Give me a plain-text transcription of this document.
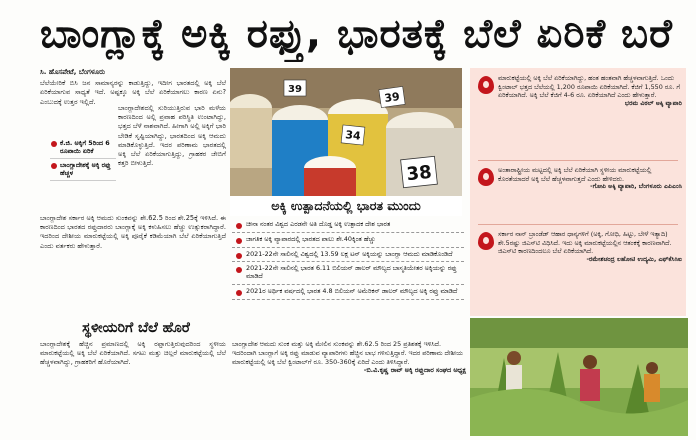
ಬಾಂಗ್ಲಾಕ್ಕೆ ಅಕ್ಕಿ ರಫ್ತು, ಭಾರತಕ್ಕೆ ಬೆಲೆ ಏರಿಕೆ ಬರೆ
ಸಿ. ಹೊಸಪೇಟೆ, ಬೆಂಗಳೂರು

ಬೆಲೆಯೇರಿಕೆ ಬಿಸಿ ಜನ ಸಾಮಾನ್ಯರನ್ನು ಕಾಡುತ್ತಿದ್ದು, ಇದೀಗ ಭಾರತದಲ್ಲಿ ಅಕ್ಕಿ ಬೆಲೆ ಏರಿಕೆಯಾಗುವ ಸಾಧ್ಯತೆ ಇದೆ. ಅಷ್ಟಕ್ಕೂ ಅಕ್ಕಿ ಬೆಲೆ ಏರಿಕೆಯಾಗಲು ಕಾರಣ ಏನು? ಎಂಬುದಕ್ಕೆ ಉತ್ತರ ಇಲ್ಲಿದೆ.

ಕೆ.ಜಿ. ಅಕ್ಕಿಗೆ 5ರಿಂದ 6 ರೂಪಾಯಿ ಏರಿಕೆ
ಬಾಂಗ್ಲಾದೇಶಕ್ಕೆ ಅಕ್ಕಿ ರಫ್ತು ಹೆಚ್ಚಳ

ಬಾಂಗ್ಲಾದೇಶದಲ್ಲಿ ಸುರಿಯುತ್ತಿರುವ ಭಾರಿ ಮಳೆಯ ಕಾರಣದಿಂದ ಅಲ್ಲಿ ಪ್ರವಾಹ ಪರಿಸ್ಥಿತಿ ಉಂಟಾಗಿದ್ದು, ಭತ್ತದ ಬೆಳೆ ನಾಶವಾಗಿದೆ. ಹೀಗಾಗಿ ಅಲ್ಲಿ ಅಕ್ಕಿಗೆ ಭಾರಿ ಬೇಡಿಕೆ ಸೃಷ್ಟಿಯಾಗಿದ್ದು, ಭಾರತದಿಂದ ಅಕ್ಕಿ ಆಮದು ಮಾಡಿಕೊಳ್ಳುತ್ತಿದೆ. ಇದರ ಪರಿಣಾಮ ಭಾರತದಲ್ಲಿ ಅಕ್ಕಿ ಬೆಲೆ ಏರಿಕೆಯಾಗುತ್ತಿದ್ದು, ಗ್ರಾಹಕರ ಜೇಬಿಗೆ ಕತ್ತರಿ ಬೀಳುತ್ತಿದೆ.

ಬಾಂಗ್ಲಾದೇಶ ಸರ್ಕಾರ ಅಕ್ಕಿ ಆಮದು ಸುಂಕವನ್ನು ಶೇ.62.5 ರಿಂದ ಶೇ.25ಕ್ಕೆ ಇಳಿಸಿದೆ. ಈ ಕಾರಣದಿಂದ ಭಾರತದ ರಫ್ತುದಾರರು ಬಾಂಗ್ಲಾಕ್ಕೆ ಅಕ್ಕಿ ಕಳುಹಿಸಲು ಹೆಚ್ಚು ಉತ್ಸುಕರಾಗಿದ್ದಾರೆ. ಇದರಿಂದ ದೇಶೀಯ ಮಾರುಕಟ್ಟೆಯಲ್ಲಿ ಅಕ್ಕಿ ಪೂರೈಕೆ ಕಡಿಮೆಯಾಗಿ ಬೆಲೆ ಏರಿಕೆಯಾಗುತ್ತಿದೆ ಎಂದು ವರ್ತಕರು ಹೇಳುತ್ತಾರೆ.

ಸ್ಥಳೀಯರಿಗೆ ಬೆಲೆ ಹೊರೆ

ಬಾಂಗ್ಲಾದೇಶಕ್ಕೆ ಹೆಚ್ಚಿನ ಪ್ರಮಾಣದಲ್ಲಿ ಅಕ್ಕಿ ರಫ್ತಾಗುತ್ತಿರುವುದರಿಂದ ಸ್ಥಳೀಯ ಮಾರುಕಟ್ಟೆಯಲ್ಲಿ ಅಕ್ಕಿ ಬೆಲೆ ಏರಿಕೆಯಾಗಿದೆ. ಸಗಟು ಮತ್ತು ಚಿಲ್ಲರೆ ಮಾರುಕಟ್ಟೆಯಲ್ಲಿ ಬೆಲೆ ಹೆಚ್ಚಳವಾಗಿದ್ದು, ಗ್ರಾಹಕರಿಗೆ ಹೊರೆಯಾಗಿದೆ.

39
34
38
39
ಅಕ್ಕಿ ಉತ್ಪಾದನೆಯಲ್ಲಿ ಭಾರತ ಮುಂದು
ಚೀನಾ ನಂತರ ವಿಶ್ವದ ಎರಡನೇ ಅತಿ ದೊಡ್ಡ ಅಕ್ಕಿ ಉತ್ಪಾದಕ ದೇಶ ಭಾರತ
ಜಾಗತಿಕ ಅಕ್ಕಿ ವ್ಯಾಪಾರದಲ್ಲಿ ಭಾರತದ ಪಾಲು ಶೇ.40ಕ್ಕಿಂತ ಹೆಚ್ಚು
2021-22ನೇ ಸಾಲಿನಲ್ಲಿ ವಿಶ್ವದಲ್ಲಿ 13.59 ಲಕ್ಷ ಟನ್ ಅಕ್ಕಿಯನ್ನು ಬಾಂಗ್ಲಾ ಆಮದು ಮಾಡಿಕೊಂಡಿದೆ
2021-22ನೇ ಸಾಲಿನಲ್ಲಿ ಭಾರತ 6.11 ಬಿಲಿಯನ್ ಡಾಲರ್ ಮೌಲ್ಯದ ಬಾಸ್ಮತಿಯೇತರ ಅಕ್ಕಿಯನ್ನು ರಫ್ತು ಮಾಡಿದೆ
2021ರ ಅರ್ಥಿಕ ವರ್ಷದಲ್ಲಿ ಭಾರತ 4.8 ಬಿಲಿಯನ್ ಅಮೆರಿಕನ್ ಡಾಲರ್ ಮೌಲ್ಯದ ಅಕ್ಕಿ ರಫ್ತು ಮಾಡಿದೆ

ಬಾಂಗ್ಲಾದೇಶ ಆಮದು ಸುಂಕ ಮತ್ತು ಅಕ್ಕಿ ಮೇಲಿನ ಸುಂಕವನ್ನು ಶೇ.62.5 ರಿಂದ 25 ಪ್ರತಿಶತಕ್ಕೆ ಇಳಿಸಿದೆ. ಇದರಿಂದಾಗಿ ಬಾಂಗ್ಲಾಗೆ ಅಕ್ಕಿ ರಫ್ತು ಮಾಡುವ ವ್ಯಾಪಾರಿಗಳು ಹೆಚ್ಚಿನ ಲಾಭ ಗಳಿಸುತ್ತಿದ್ದಾರೆ. ಇದರ ಪರಿಣಾಮ ದೇಶೀಯ ಮಾರುಕಟ್ಟೆಯಲ್ಲಿ ಅಕ್ಕಿ ಬೆಲೆ ಕ್ವಿಂಟಾಲ್‌ಗೆ ರೂ. 350-360ಕ್ಕೆ ಏರಿದೆ ಎಂದು ತಿಳಿಸಿದ್ದಾರೆ.

-ಬಿ.ವಿ.ಕೃಷ್ಣ ರಾವ್ ಅಕ್ಕಿ ರಫ್ತುದಾರ ಸಂಘದ ಅಧ್ಯಕ್ಷ

ಮಾರುಕಟ್ಟೆಯಲ್ಲಿ ಅಕ್ಕಿ ಬೆಲೆ ಏರಿಕೆಯಾಗಿದ್ದು, ಹಂತ ಹಂತವಾಗಿ ಹೆಚ್ಚಳವಾಗುತ್ತಿದೆ. ಒಂದು ಕ್ವಿಂಟಾಲ್ ಭತ್ತದ ಬೆಲೆಯಲ್ಲಿ 1,200 ರೂಪಾಯಿ ಏರಿಕೆಯಾಗಿದೆ. ಕೆಜಿಗೆ 1,550 ರೂ. ಗೆ ಏರಿಕೆಯಾಗಿದೆ. ಅಕ್ಕಿ ಬೆಲೆ ಕೆಜಿಗೆ 4-6 ರೂ. ಏರಿಕೆಯಾಗಿದೆ ಎಂದು ಹೇಳುತ್ತಾರೆ.

ಭರಮ ವಿಠಲ್ ಅಕ್ಕಿ ವ್ಯಾಪಾರಿ

ಅಂತಾರಾಷ್ಟ್ರೀಯ ಮಟ್ಟದಲ್ಲಿ ಅಕ್ಕಿ ಬೆಲೆ ಏರಿಕೆಯಾಗಿ ಸ್ಥಳೀಯ ಮಾರುಕಟ್ಟೆಯಲ್ಲಿ ಕೊರತೆಯಾದರೆ ಅಕ್ಕಿ ಬೆಲೆ ಹೆಚ್ಚಳವಾಗುತ್ತದೆ ಎಂದು ಹೇಳಿದರು.

-ಗೋಪಿ ಅಕ್ಕಿ ವ್ಯಾಪಾರಿ, ಬೆಂಗಳೂರು ಎಪಿಎಂಸಿ

ಸರ್ಕಾರ ನಾನ್ ಬ್ರಾಂಡೆಡ್ ಆಹಾರ ಧಾನ್ಯಗಳಿಗೆ (ಅಕ್ಕಿ, ಗೋಧಿ, ಹಿಟ್ಟು, ಬೇಳೆ ಇತ್ಯಾದಿ) ಶೇ.5ರಷ್ಟು ಜಿಎಸ್‌ಟಿ ವಿಧಿಸಿದೆ. ಇದು ಅಕ್ಕಿ ಮಾರುಕಟ್ಟೆಯಲ್ಲಿನ ಆತಂಕಕ್ಕೆ ಕಾರಣವಾಗಿದೆ. ಜಿಎಸ್‌ಟಿ ಕಾರಣದಿಂದಲೂ ಬೆಲೆ ಏರಿಕೆಯಾಗಿದೆ.

-ರಮೇಶಚಂದ್ರ ಲಹೋಟಿ ಉದ್ಯಮಿ, ಎಫ್‌ಕೆಸಿಸಿಐ
